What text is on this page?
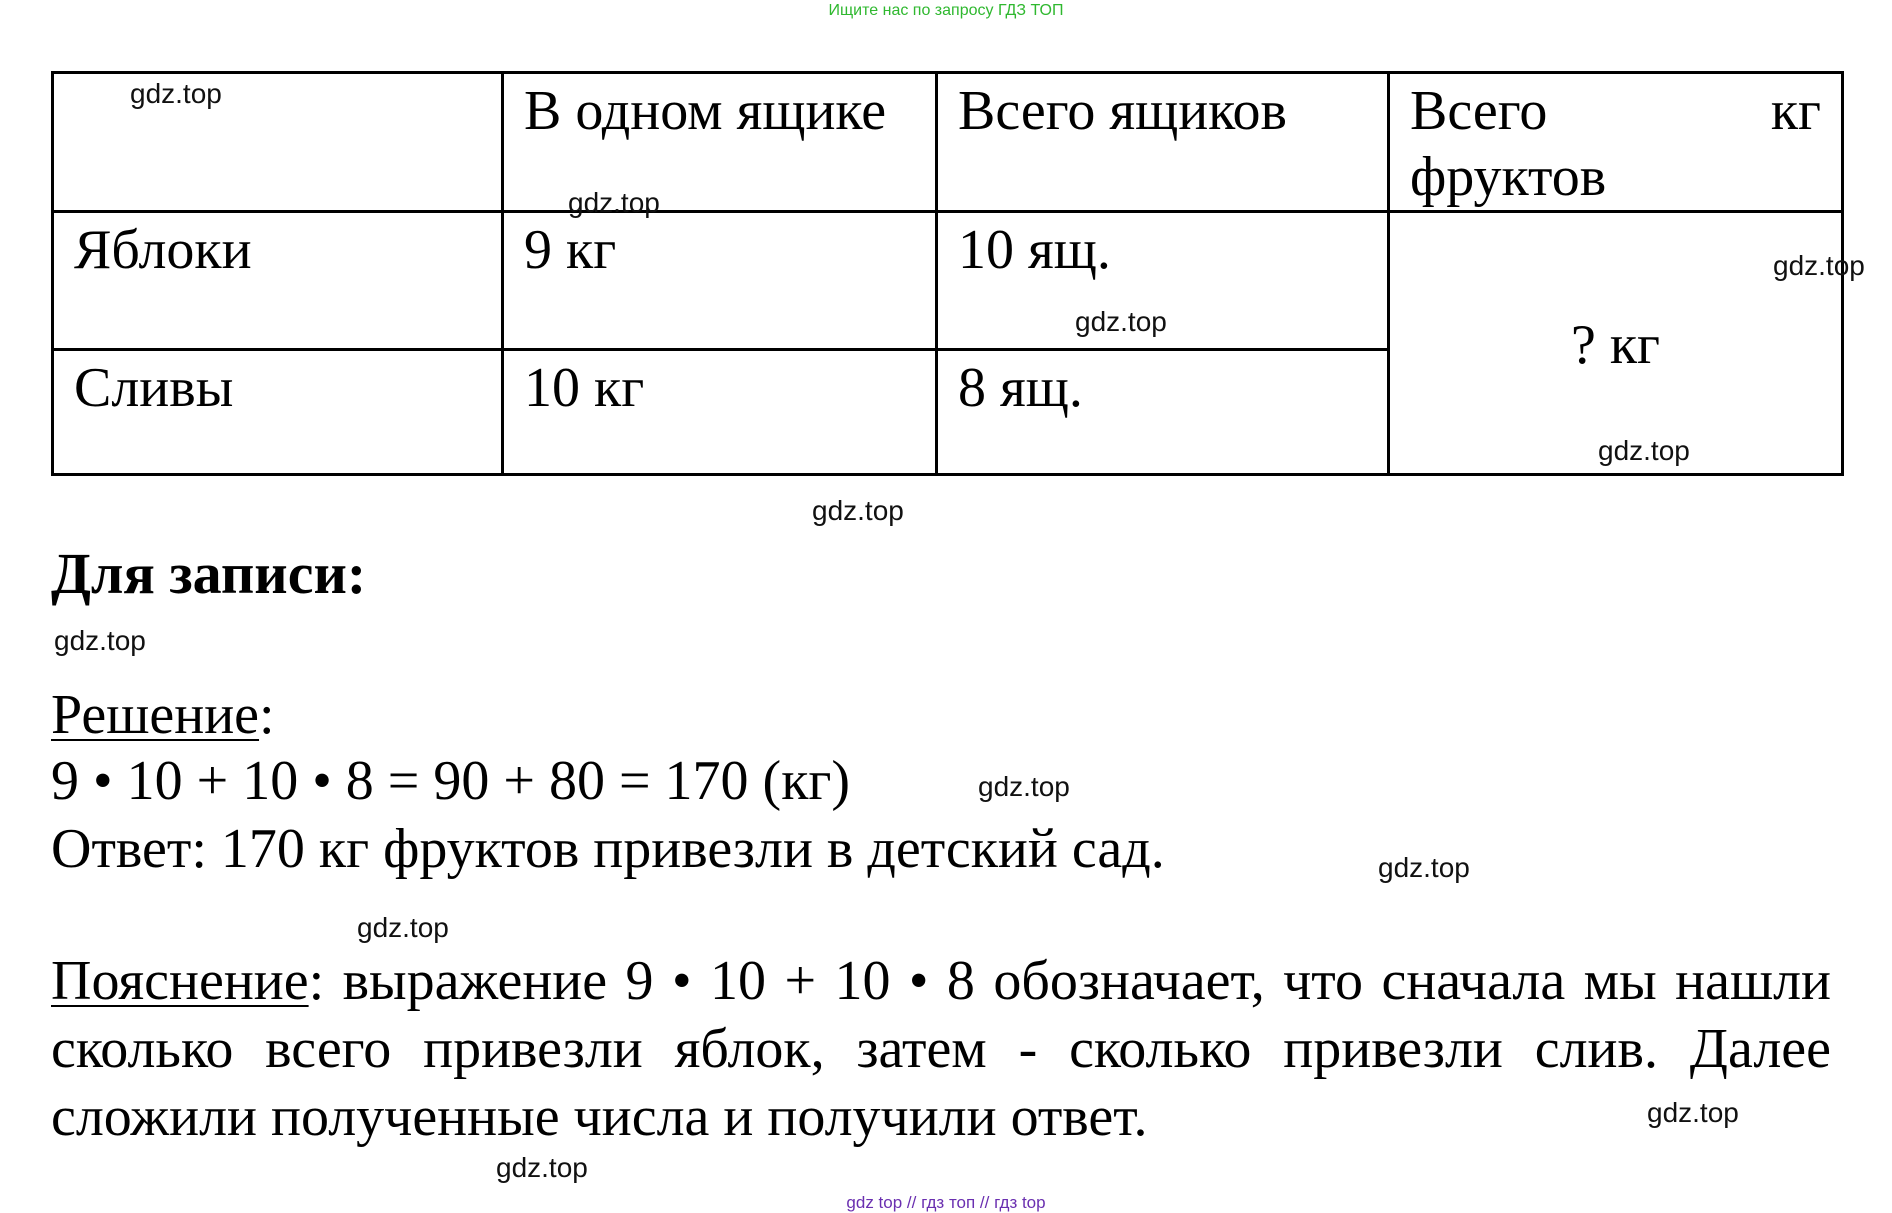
Ищите нас по запросу ГДЗ ТОП
	В одном ящике	Всего ящиков	Всего кг
фруктов

Яблоки	9 кг	10 ящ.	? кг
Сливы	10 кг	8 ящ.	
Для записи:
Решение:
9 • 10 + 10 • 8 = 90 + 80 = 170 (кг)
Ответ: 170 кг фруктов привезли в детский сад.
Пояснение: выражение 9 • 10 + 10 • 8 обозначает, что сначала мы нашли сколько всего привезли яблок, затем - сколько привезли слив. Далее сложили полученные числа и получили ответ.
gdz.top
gdz.top
gdz.top
gdz.top
gdz.top
gdz.top
gdz.top
gdz.top
gdz.top
gdz.top
gdz.top
gdz.top
gdz top // гдз топ // гдз top
